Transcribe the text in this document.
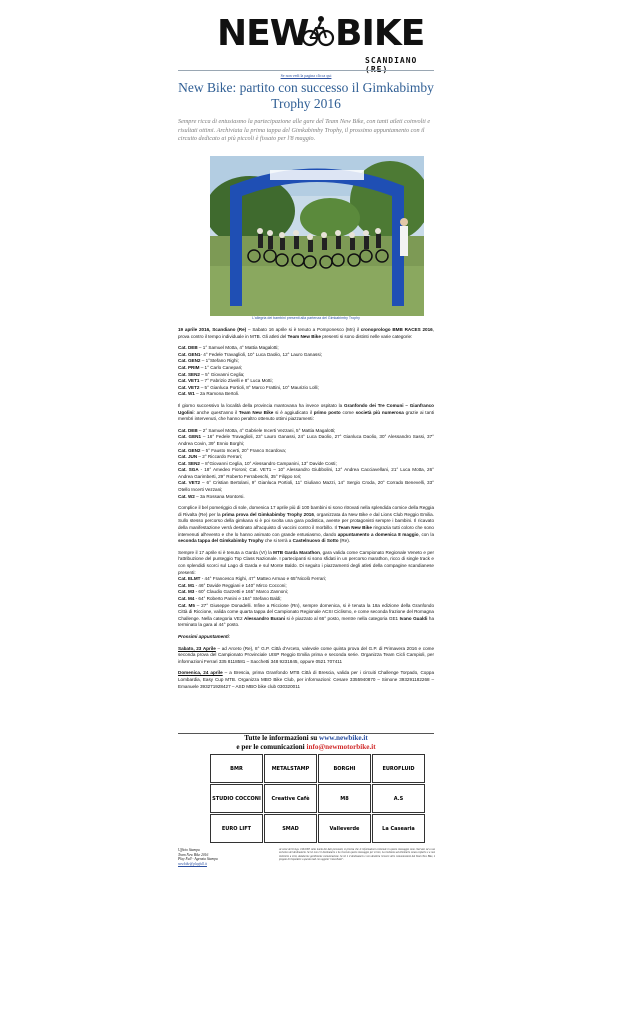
NEW BIKE
SCANDIANO
Se non vedi la pagina clicca qui
New Bike: partito con successo il Gimkabimby Trophy 2016
Sempre ricca di entusiasmo la partecipazione alle gare del Team New Bike, con tanti atleti coinvolti e risultati ottimi. Archiviata la prima tappa del Gimkabimby Trophy, il prossimo appuntamento con il circuito dedicato ai più piccoli è fissato per l'8 maggio.
L'allegria dei bambini presenti alla partenza del Gimkabimby Trophy

19 aprile 2016, Scandiano (Re) – Sabato 16 aprile si è tenuto a Pomponesco (Mn) il cronoprologo BMB RACES 2016, prova contro il tempo individuale in MTB. Gli atleti del Team New Bike presenti si sono distinti nelle varie categorie:

Cat. DEB – 1° Samuel Motta, 4° Mattia Magalotti;

Cat. GEN1- 4° Fedele Travaglioli, 10° Luca Daolio, 12° Lauro Ganassi;

Cat. GEN2 – 1°Stefano Righi;

Cat. PRIM – 1° Carlo Canepari;

Cat. SEN2 – 5° Giovanni Ceglia;

Cat. VET1 – 7° Fabrizio Zivelli e 8° Luca Motti;

Cat. VET2 – 5° Gianluca Portioli, 8° Marco Frattini, 10° Maurizio Lolli;

Cat. W1 – 2a Ramona Bertoli.

Il giorno successivo la località della provincia mantovana ha invece ospitato la Granfondo dei Tre Comuni – Gianfranco Ugolini: anche quest'anno il Team New Bike si è aggiudicato il primo posto come società più numerosa grazie ai tanti membri intervenuti, che hanno peraltro ottenuto ottimi piazzamenti:

Cat. DEB – 2° Samuel Motta, 4° Gabriele Incerti Vezzani, 5° Mattia Magalotti;

Cat. GEN1 – 16° Fedele Travaglioli, 23° Lauro Ganassi, 24° Luca Daolio, 27° Gianluca Daolio, 30° Alessandro Sassi, 37° Andrea Covin, 39° Ennio Borghi;

Cat. GEN2 – 5° Fausto Incerti, 20° Franco Scardova;

Cat. JUN – 2° Riccardo Ferrari;

Cat. SEN2 – 8°Giovanni Ceglia, 10° Alessandro Campanini, 13° Davide Costi;

Cat. SGA - 18° Amedeo Fioroni; Cat. VET1 – 10° Alessandro Giubbolini, 12° Andrea Cacciavellani, 21° Luca Motta, 26° Andrea Garimberti, 29° Roberto Ferrabeschi, 35° Filippo Iori;

Cat. VET2 – 6° Cristian Bertolani, 9° Gianluca Portioli, 11° Giuliano Mazzi, 14° Sergio Croda, 20° Corrado Benevelli, 33° Otello Incerti Vezzani;

Cat. W2 – 3a Rossana Montorsi.

Complice il bel pomeriggio di sole, domenica 17 aprile più di 100 bambini si sono ritrovati nella splendida cornice della Reggia di Rivalta (Re) per la prima prova del Gimkabimby Trophy 2016, organizzata da New Bike e dal Lions Club Reggio Emilia. Sullo stesso percorso della gimkana si è poi svolta una gara podistica, avente per protagonisti sempre i bambini. Il ricavato della manifestazione verrà destinato all'acquisto di vaccini contro il morbillo. Il Team New Bike ringrazia tutti coloro che sono intervenuti all'evento e che lo hanno animato con grande entusiasmo, dando appuntamento a domenica 8 maggio, con la seconda tappa del Gimkabimby Trophy che si terrà a Castelnuovo di Sotto (Re).

Sempre il 17 aprile si è tenuta a Garda (Vr) la MTB Garda Marathon, gara valida come Campionato Regionale Veneto e per l'attribuzione del punteggio Top Class Nazionale. I partecipanti si sono sfidati in un percorso marathon, ricco di single track e con splendidi scorci sul Lago di Garda e sul Monte Baldo. Di seguito i piazzamenti degli atleti della compagine scandianese presenti:

Cat. ELMT - 44° Francesco Righi, 47° Matteo Armao e 65°Nicolò Ferrari;

Cat. M1 - 46° Davide Reggiani e 140° Mirco Cocconi;

Cat. M3 - 60° Claudio Gazzetti e 165° Marco Zannoni;

Cat. M4 - 64° Roberto Panini e 164° Stefano Baldi;

Cat. M5 – 27° Giuseppe Donadelli. Infine a Riccione (Rn), sempre domenica, si è tenuta la 18a edizione della Granfondo Città di Riccione, valida come quarta tappa del Campionato Regionale ACSI Ciclismo, e come seconda frazione del Romagna Challenge. Nella categoria VE2 Alessandro Burani si è piazzato al 66° posto, mentre nella categoria GE1 Ivano Gualdi ha terminato la gara al 44° posto.

Prossimi appuntamenti:

Sabato, 23 Aprile – ad Arceto (Re), 8° G.P. Città d'Arceto, valevole come quinta prova del G.P. di Primavera 2016 e come seconda prova del Campionato Provinciale UISP Reggio Emilia prima e seconda serie. Organizza Team Cicli Campioli, per informazioni Ferrari 335 8118581 – Sacchetti 348 9231845, oppure 0521 707411

Domenica, 24 aprile – a Brescia, prima Granfondo MTB Città di Brescia, valida per i circuiti Challenge Torpado, Coppa Lombardia, Easy Cup MTB. Organizza MBO Bike Club, per informazioni: Cesare 3355940870 – Simone 393291182268 – Emanuele 393271928427 – ASD MBO bike club 030320011

Tutte le informazioni su www.newbike.it
e per le comunicazioni info@newmotorbike.it
BMR	METALSTAMP	BORGHI	EUROFLUID
STUDIO COCCONI	Creative Cafè	M8	A.S
EURO LIFT	SMAD	Valleverde	La Casearia
Ufficio Stampa
Team New Bike 2016
Play Full - Agenzia Stampa
newbike@playfull.it
Ai sensi del D.Lgs. 196/2003 sulla tutela dei dati personali, si precisa che le informazioni contenute in questo messaggio sono riservate ed a uso esclusivo del destinatario. Se lei non è il destinatario e ha ricevuto questo messaggio per errore, La invitiamo ad eliminarlo senza copiarlo e a non inoltrarlo a terzi, dandocene gentilmente comunicazione. Se lei è il destinatario e non desidera ricevere altre comunicazioni dal Team New Bike, è pregato di rispondere a questa mail con oggetto "cancellami".
